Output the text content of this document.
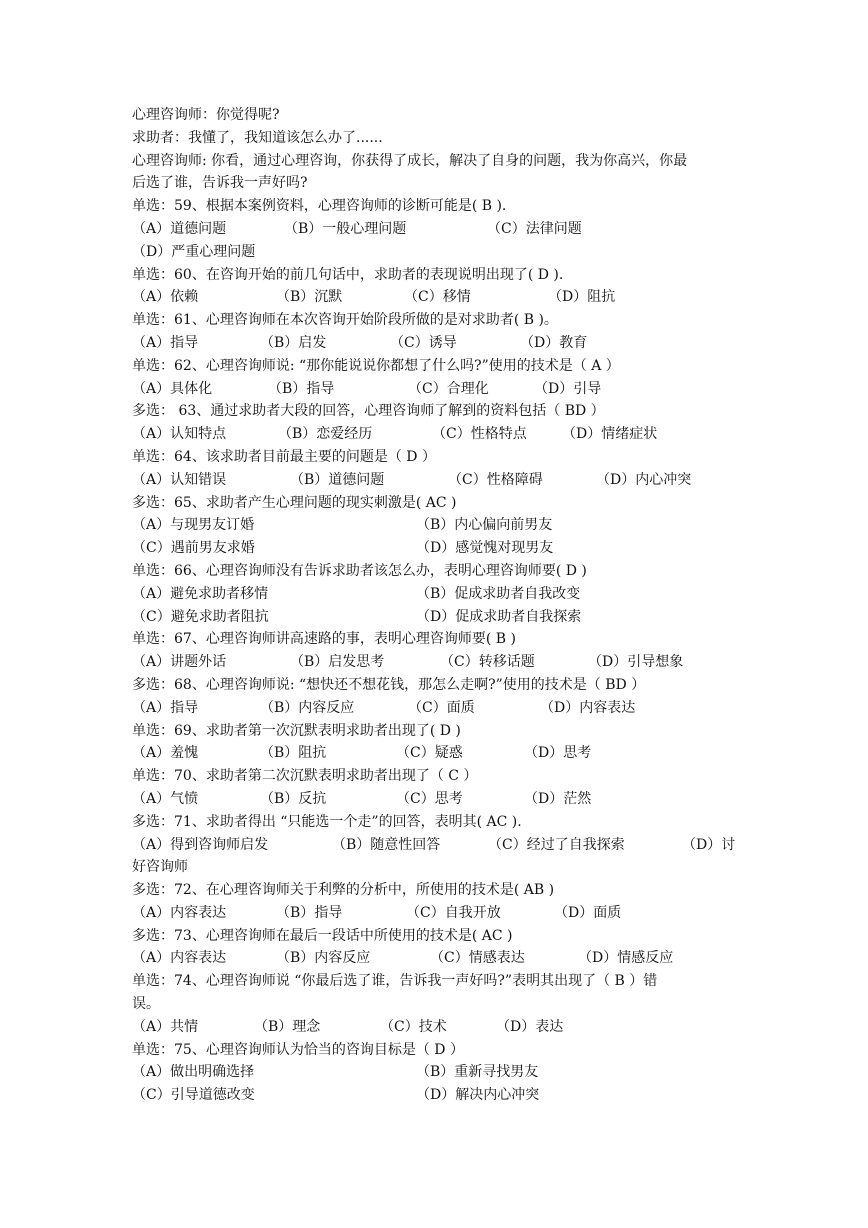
心理咨询师：你觉得呢?
求助者：我懂了，我知道该怎么办了......
心理咨询师: 你看，通过心理咨询，你获得了成长，解决了自身的问题，我为你高兴，你最
后选了谁，告诉我一声好吗?
单选：59、根据本案例资料，心理咨询师的诊断可能是( B ).
（A）道德问题	（B）一般心理问题	（C）法律问题
（D）严重心理问题
单选：60、在咨询开始的前几句话中，求助者的表现说明出现了( D ).
（A）依赖	（B）沉默	（C）移情	（D）阻抗
单选：61、心理咨询师在本次咨询开始阶段所做的是对求助者( B )。
（A）指导	（B）启发	（C）诱导	（D）教育
单选：62、心理咨询师说: “那你能说说你都想了什么吗?”使用的技术是（ A ）
（A）具体化	（B）指导	（C）合理化	（D）引导
多选： 63、通过求助者大段的回答，心理咨询师了解到的资料包括（ BD ）
（A）认知特点	（B）恋爱经历	（C）性格特点	（D）情绪症状
单选：64、该求助者目前最主要的问题是（ D ）
（A）认知错误	（B）道德问题	（C）性格障碍	（D）内心冲突
多选：65、求助者产生心理问题的现实刺激是( AC )
（A）与现男友订婚	（B）内心偏向前男友
（C）遇前男友求婚	（D）感觉愧对现男友
单选：66、心理咨询师没有告诉求助者该怎么办，表明心理咨询师要( D )
（A）避免求助者移情	（B）促成求助者自我改变
（C）避免求助者阻抗	（D）促成求助者自我探索
单选：67、心理咨询师讲高速路的事，表明心理咨询师要( B )
（A）讲题外话	（B）启发思考	（C）转移话题	（D）引导想象
多选：68、心理咨询师说: “想快还不想花钱，那怎么走啊?”使用的技术是（ BD ）
（A）指导	（B）内容反应	（C）面质	（D）内容表达
单选：69、求助者第一次沉默表明求助者出现了( D )
（A）羞愧	（B）阻抗	（C）疑惑	（D）思考
单选：70、求助者第二次沉默表明求助者出现了（ C ）
（A）气愤	（B）反抗	（C）思考	（D）茫然
多选：71、求助者得出 “只能选一个走”的回答，表明其( AC ).
（A）得到咨询师启发	（B）随意性回答	（C）经过了自我探索	（D）讨
好咨询师
多选：72、在心理咨询师关于利弊的分析中，所使用的技术是( AB )
（A）内容表达	（B）指导	（C）自我开放	（D）面质
多选：73、心理咨询师在最后一段话中所使用的技术是( AC )
（A）内容表达	（B）内容反应	（C）情感表达	（D）情感反应
单选：74、心理咨询师说 “你最后选了谁，告诉我一声好吗?”表明其出现了（ B ）错
误。
（A）共情	（B）理念	（C）技术	（D）表达
单选：75、心理咨询师认为恰当的咨询目标是（ D ）
（A）做出明确选择	（B）重新寻找男友
（C）引导道德改变	（D）解决内心冲突
